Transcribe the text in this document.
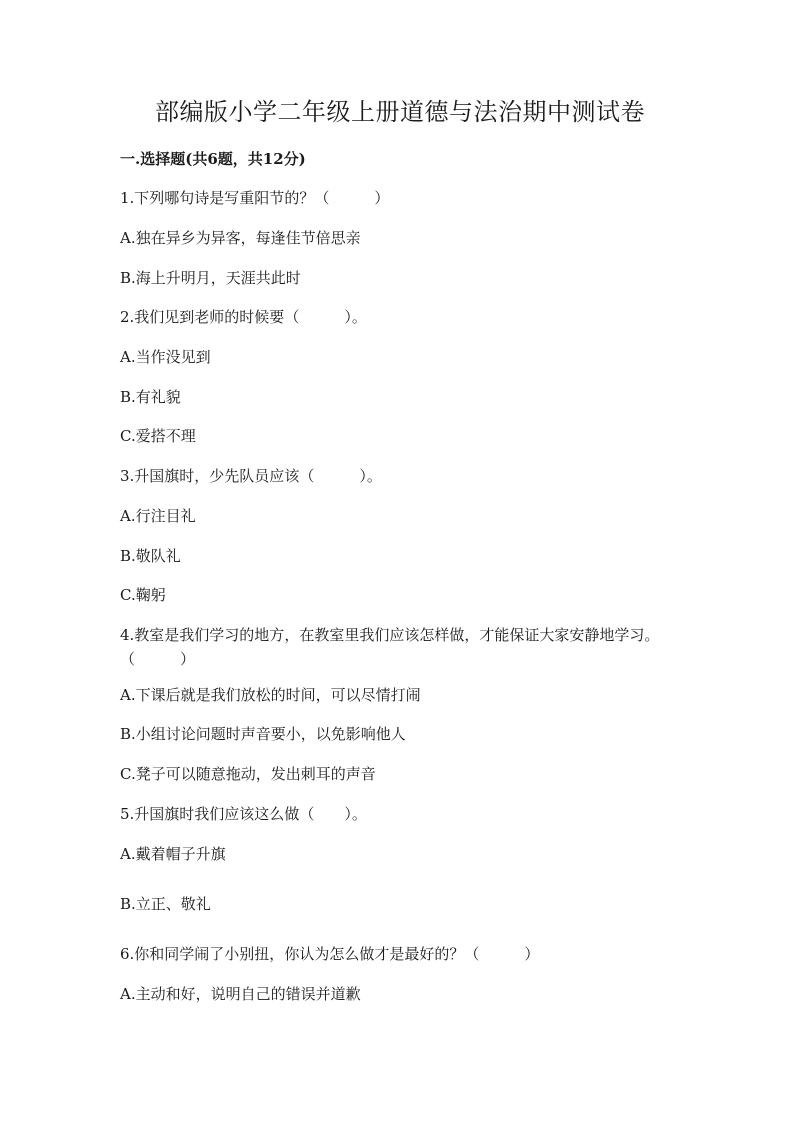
部编版小学二年级上册道德与法治期中测试卷
一.选择题(共6题，共12分)
1.下列哪句诗是写重阳节的？（　　　）
A.独在异乡为异客，每逢佳节倍思亲
B.海上升明月，天涯共此时
2.我们见到老师的时候要（　　　）。
A.当作没见到
B.有礼貌
C.爱搭不理
3.升国旗时，少先队员应该（　　　）。
A.行注目礼
B.敬队礼
C.鞠躬
4.教室是我们学习的地方，在教室里我们应该怎样做，才能保证大家安静地学习。（　　　）
A.下课后就是我们放松的时间，可以尽情打闹
B.小组讨论问题时声音要小，以免影响他人
C.凳子可以随意拖动，发出刺耳的声音
5.升国旗时我们应该这么做（　　）。
A.戴着帽子升旗
B.立正、敬礼
6.你和同学闹了小别扭，你认为怎么做才是最好的？（　　　）
A.主动和好，说明自己的错误并道歉
